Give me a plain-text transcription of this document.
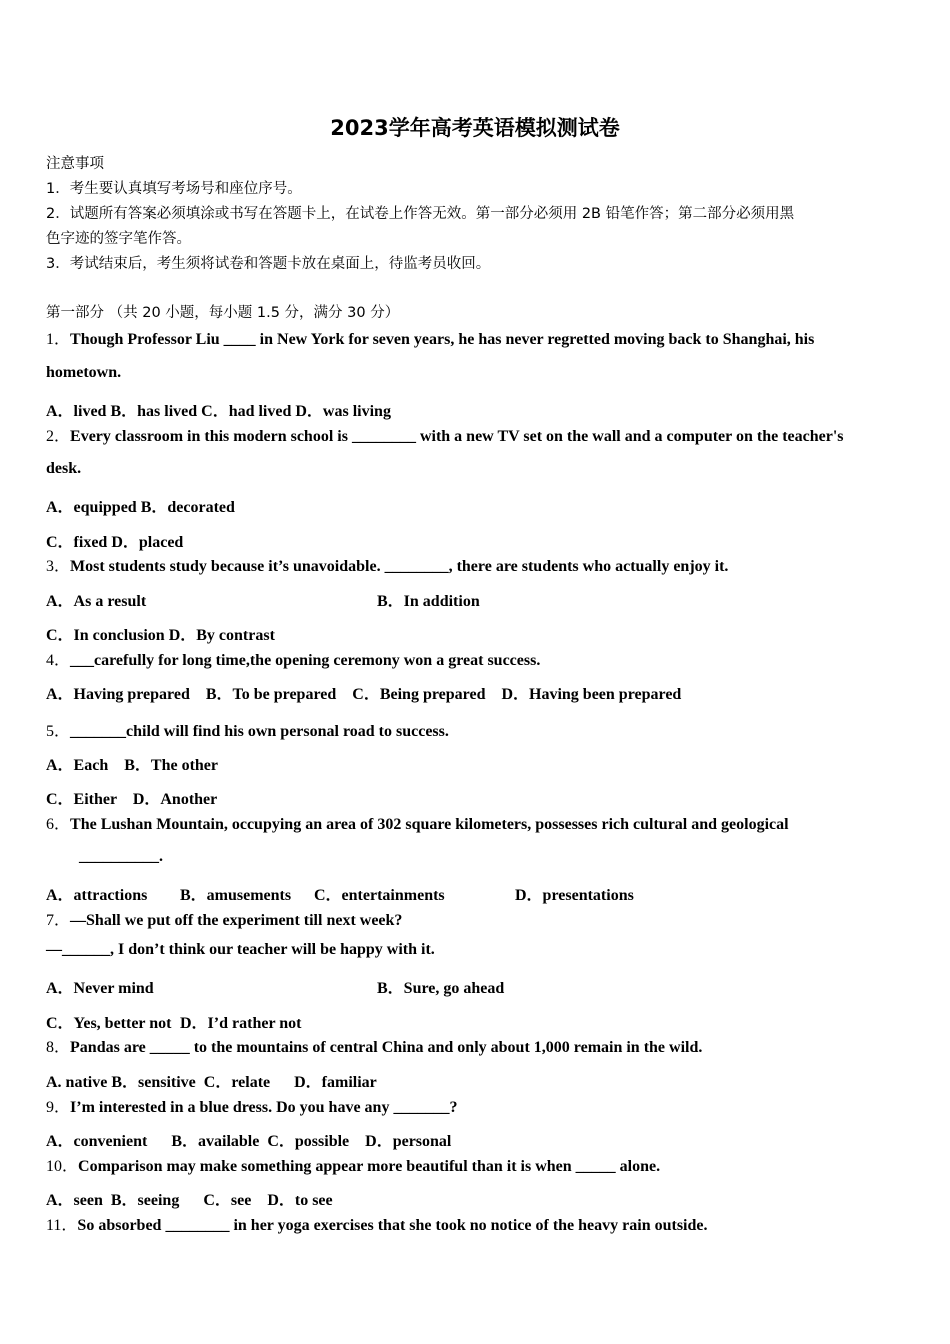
2023学年高考英语模拟测试卷
注意事项
1．考生要认真填写考场号和座位序号。
2．试题所有答案必须填涂或书写在答题卡上，在试卷上作答无效。第一部分必须用 2B 铅笔作答；第二部分必须用黑
色字迹的签字笔作答。
3．考试结束后，考生须将试卷和答题卡放在桌面上，待监考员收回。
第一部分 （共 20 小题，每小题 1.5 分，满分 30 分）
1．Though Professor Liu ____ in New York for seven years, he has never regretted moving back to Shanghai, his
hometown.
A．lived B．has lived C．had lived D．was living
2．Every classroom in this modern school is ________ with a new TV set on the wall and a computer on the teacher's
desk.
A．equipped B．decorated
C．fixed D．placed
3．Most students study because it’s unavoidable. ________, there are students who actually enjoy it.
A．As a result	B．In addition
C．In conclusion D．By contrast
4．___carefully for long time,the opening ceremony won a great success.
A．Having prepared    B．To be prepared    C．Being prepared    D．Having been prepared
5．_______child will find his own personal road to success.
A．Each    B．The other
C．Either    D．Another
6．The Lushan Mountain, occupying an area of 302 square kilometers, possesses rich cultural and geological
__________.
A．attractions B．amusements C．entertainments	D．presentations
7．—Shall we put off the experiment till next week?
—______, I don’t think our teacher will be happy with it.
A．Never mind	B．Sure, go ahead
C．Yes, better not D．I’d rather not
8．Pandas are _____ to the mountains of central China and only about 1,000 remain in the wild.
A. native B．sensitive  C．relate      D．familiar
9．I’m interested in a blue dress. Do you have any _______?
A．convenient      B．available  C．possible    D．personal
10．Comparison may make something appear more beautiful than it is when _____ alone.
A．seen  B．seeing      C．see    D．to see
11．So absorbed ________ in her yoga exercises that she took no notice of the heavy rain outside.
